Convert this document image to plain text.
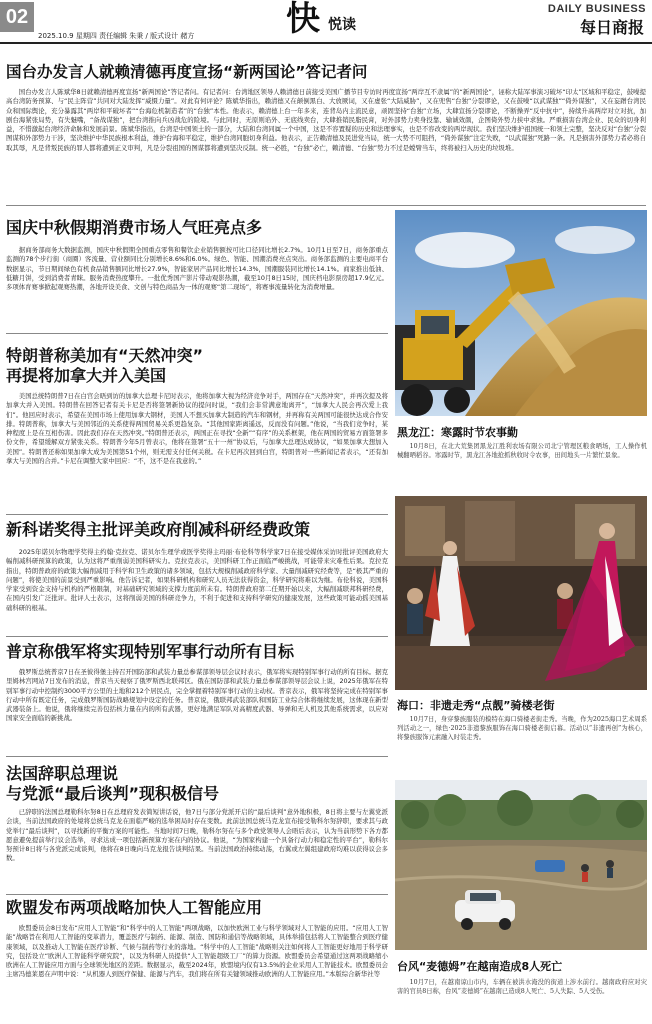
02
2025.10.9 星期四 责任编辑 朱秉 / 版式设计 赭方	快 悦读
DAILY BUSINESS
每日商报
国台办发言人就赖清德再度宣扬“新两国论”答记者问
国台办发言人陈斌华8日就赖清德再度宣扬“新两国论”答记者问。有记者问：台湾地区领导人赖清德日前接受美国广播节目专访时再度宣扬“两岸互不隶属”的“新两国论”，诬称大陆军事演习破坏“印太”区域和平稳定，鼓噪提高台湾防务预算、与“民主阵营”共同对大陆发挥“威慑力量”。对此有何评论？陈斌华指出，赖清德又在颠倒黑白、大放厥词，又在虚张“大陆威胁”，又在兜售“台独”分裂谬论，又在鼓噪“以武谋独”“倚外谋独”，又在妄蹭台湾民众和国际舆论，充分暴露其“两岸和平破坏者”“台海危机制造者”的“台独”本性。他表示，赖清德上台一年多来，连背岛内主流民意，顽固坚持“台独”立场，大肆宣扬分裂谬论，不断操弄“反中抗中”，持续升高两岸对立对抗，加剧台海紧张局势，有失魅嘴，“备战谋独”，把台湾推向兵凶战危的险境。与此同时，无原则谄外、无底线卖台，大肆推销民脂民膏，对外部势力卖身投靠、输诚效颜，企图倚外势力挟中求独。严重损害台湾企业、民众的切身利益，不惜激起台湾经济命脉和发展前景。陈斌华指出，台湾是中国领土的一部分，大陆和台湾同属一个中国，这是不容置疑的历史和法理事实，也是不容改变的两岸现状。我们坚决维护祖国统一和领土完整，坚决反对“台独”分裂图谋和外部势力干涉，坚决维护中华民族根本利益，维护台海和平稳定，维护台湾同胞切身利益。他表示，正告赖清德及民进党当局，统一大势不可阻挡，“倚外谋独”注定失败，“以武谋独”死路一条。凡是损害外部势力者必将自取其辱，凡是背叛民族的罪人都将遭到正义审判，凡是分裂祖国的图谋都将遭到坚决反制。统一必胜，“台独”必亡，赖清德、“台独”势力不过是螳臂当车，终将被扫入历史的垃圾堆。
国庆中秋假期消费市场人气旺亮点多
据商务部商务大数据监测，国庆中秋假期全国重点零售和餐饮企业销售额按可比口径同比增长2.7%。10月1日至7日，商务部重点监测的78个步行街（商圈）客流量、营业额同比分别增长8.6%和6.0%。绿色、智能、国潮消费亮点突出。商务部监测的主要电商平台数据显示，节日期间绿色有机食品销售额同比增长27.9%，智能家居产品同比增长14.3%，国潮服装同比增长14.1%。商家推出低油、低糖月饼，受到消费者青睐。服务消费热度攀升。一批优秀国产影片带动观影热潮，截至10月8日15时，国庆档电影票房超17.9亿元。多项体育赛事掀起观赛热潮，各地开设美食、文创与特色商品为一体的观赛“第二现场”，将赛事流量转化为消费增量。
特朗普称美加有“天然冲突”
再提将加拿大并入美国
美国总统特朗普7日在白宫会晤到访的加拿大总理卡尼时表示，他将加拿大视为经济竞争对手，两国存在“天然冲突”，并再次提及将加拿大并入美国。特朗普在回答记者有关卡尼是否将签署新协议的提问时说，“我们会非常满意地离开”，“加拿大人民会再次爱上我们”。他回应时表示，希望在美国市场上使用加拿大钢材，美国人不想买加拿大制造的汽车和钢材，并再称有关两国可能很快达成合作安排。特朗普称，加拿大与美国邻近的关系使得两国贸易关系更趋复杂。“其他国家距离遥远，反而没有问题。”他说，“当我们竞争时，某种程度上是在互相伤害。因此我们存在天然冲突。”特朗普还表示，两国正在寻找“全新”“有序”的关系框架，他在两国的贸易方面签署多份文件，希望缓解双方紧张关系。特朗普今年5月曾表示，他将在签署“五十一州”协议后，与加拿大总理达成协议，“如果加拿大想加入美国”。特朗普还称如果加拿大成为美国第51个州，则无需支付任何关税。在卡尼再次回到白宫，特朗普对一些新闻记者表示，“还有加拿大与美国的合并。”卡尼在调整大家中回应：“不，这不是在我意的。”
新科诺奖得主批评美政府削减科研经费政策
2025年诺贝尔物理学奖得主约翰·克拉克、诺贝尔生理学或医学奖得主玛丽·布伦科等科学家7日在接受媒体采访时批评美国政府大幅削减科研预算的政策，认为这将严重削弱美国科研实力。克拉克表示，美国科研工作正面临严峻挑战，可能带来灾难性后果。克拉克指出，特朗普政府的政策大幅削减用于科学和卫生政策的诸多领域，包括大规模削减政府科学家、大量削减研究经费等，是“极其严重的问题”，将使美国的前景受到严重影响。他告诉记者，如果科研机构和研究人员无法获得资金，科学研究将难以为继。布伦科说，美国科学家受到资金支持与机构的严格限制，对基础研究领域的支撑力度前所未有。特朗普政府第二任期开始以来，大幅削减联邦科研经费，在国内引发广泛批评。批评人士表示，这将削弱美国的科研竞争力，不利于促进和支持科学研究的健康发展，这些政策可能动摇美国基础科研的根基。
普京称俄军将实现特别军事行动所有目标
俄罗斯总统普京7日在圣彼得堡主持召开国防部和武装力量总参谋部领导层会议时表示，俄军将实现特别军事行动的所有目标。据克里姆林宫网站7日发布的消息，普京当天视察了俄罗斯西北联邦区。俄在国防部和武装力量总参谋部领导层会议上说，2025年俄军在特别军事行动中控制约3000平方公里的土地和212个居民点，完全掌握着特别军事行动的主动权。普京表示，俄军将坚持完成在特别军事行动中所有既定任务，完成俄罗斯国防战略规划中设定的任务。普京说，俄联邦武装部队和国防工业综合体将继续发展，这体现在新型武器装备上。他说，俄将继续完善包括核力量在内的所有武器，更好地满足军队对高精度武器、导弹和无人机及其他系统需求，以应对国家安全面临的新挑战。
法国辞职总理说
与党派“最后谈判”现积极信号
已辞职的法国总理勒科尔努8日在总理府发表简短讲话说，他7日与部分党派开启的“最后谈判”意外地积极，8日将主要与左翼党派会谈，当前法国政府的处境将总统马克龙在面临严峻的选举困局时存在变数。此前法国总统马克龙宣布接受勒科尔努辞职，要求其与政党举行“最后谈判”，以寻找新的平衡方案的可能性。当地时间7日晚，勒科尔努在与多个政党领导人会晤后表示，认为当前形势下各方都愿意避免提前举行议会选举，寻求达成一项包括新预算方案在内的协议。他说，“为国家构建一个具备行动力和稳定性的平台”，勒科尔努预计8日将与各党派完成谈判，他将在8日晚向马克龙报告谈判结果。当前法国政治持续动荡，右翼或左翼组建政府均难以获得议会多数。
欧盟发布两项战略加快人工智能应用
欧盟委员会8日发布“应用人工智能”和“科学中的人工智能”两项战略，以加快欧洲工业与科学领域对人工智能的应用。“应用人工智能”战略旨在利用人工智能的变革潜力，覆盖医疗与制药、能源、制造、国防和通信等战略领域，具体举措包括将人工智能整合到医疗健康领域，以及推动人工智能在医疗诊断、气候与制药等行业的落地。“科学中的人工智能”战略则关注如何将人工智能更好地用于科学研究，包括设立“欧洲人工智能科学研究院”，以及为科研人员提供“人工智能超级工厂”的算力资源。欧盟委员会希望通过这两项战略缩小欧洲在人工智能应用方面与全球领先地区的差距。数据显示，截至2024年，欧盟境内仅有13.5%的企业采用人工智能技术。欧盟委员会主席冯德莱恩在声明中说：“从机器人到医疗保健、能源与汽车，我们将在所有关键领域推动欧洲的人工智能应用。”本版综合新华社等
黑龙江：寒露时节农事勤
10月8日，在北大荒集团黑龙江胜利农场有限公司北宁管理区粮食晒场，工人操作机械翻晒稻谷。寒露时节，黑龙江各地抢抓秋收时令农事，田间地头一片繁忙景象。
海口：非遗走秀“点靓”骑楼老街
10月7日，身穿黎族服装的模特在海口骑楼老街走秀。当晚，作为2025海口艺术周系列活动之一，绿色·2025非遗黎族服饰在海口骑楼老街启幕。活动以“非遗再创”为核心，将黎族服饰元素融入时装走秀。
台风“麦德姆”在越南造成8人死亡
10月7日，在越南谅山市内，车辆在被洪水淹没的街道上涉水前行。越南政府应对灾害的官员8日称，台风“麦德姆”在越南已造成8人死亡、5人失踪、5人受伤。
